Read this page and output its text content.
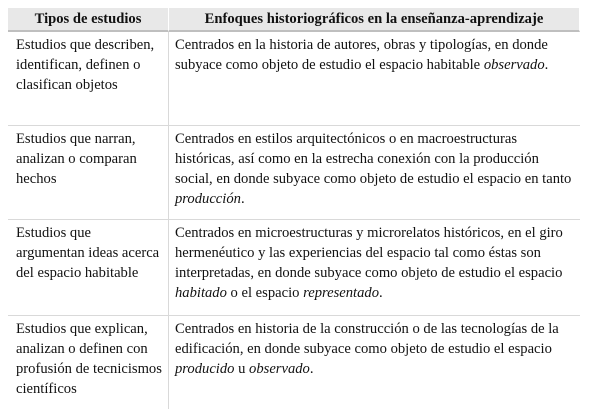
Tipos de estudios	Enfoques historiográficos en la enseñanza-aprendizaje
Estudios que describen, identifican, definen o clasifican objetos	Centrados en la historia de autores, obras y tipologías, en donde subyace como objeto de estudio el espacio habitable observado.
Estudios que narran, analizan o comparan hechos	Centrados en estilos arquitectónicos o en macroestructuras históricas, así como en la estrecha conexión con la producción social, en donde subyace como objeto de estudio el espacio en tanto producción.
Estudios que argumentan ideas acerca del espacio habitable	Centrados en microestructuras y microrelatos históricos, en el giro hermenéutico y las experiencias del espacio tal como éstas son interpretadas, en donde subyace como objeto de estudio el espacio habitado o el espacio representado.
Estudios que explican, analizan o definen con profusión de tecnicismos científicos	Centrados en historia de la construcción o de las tecnologías de la edificación, en donde subyace como objeto de estudio el espacio producido u observado.
